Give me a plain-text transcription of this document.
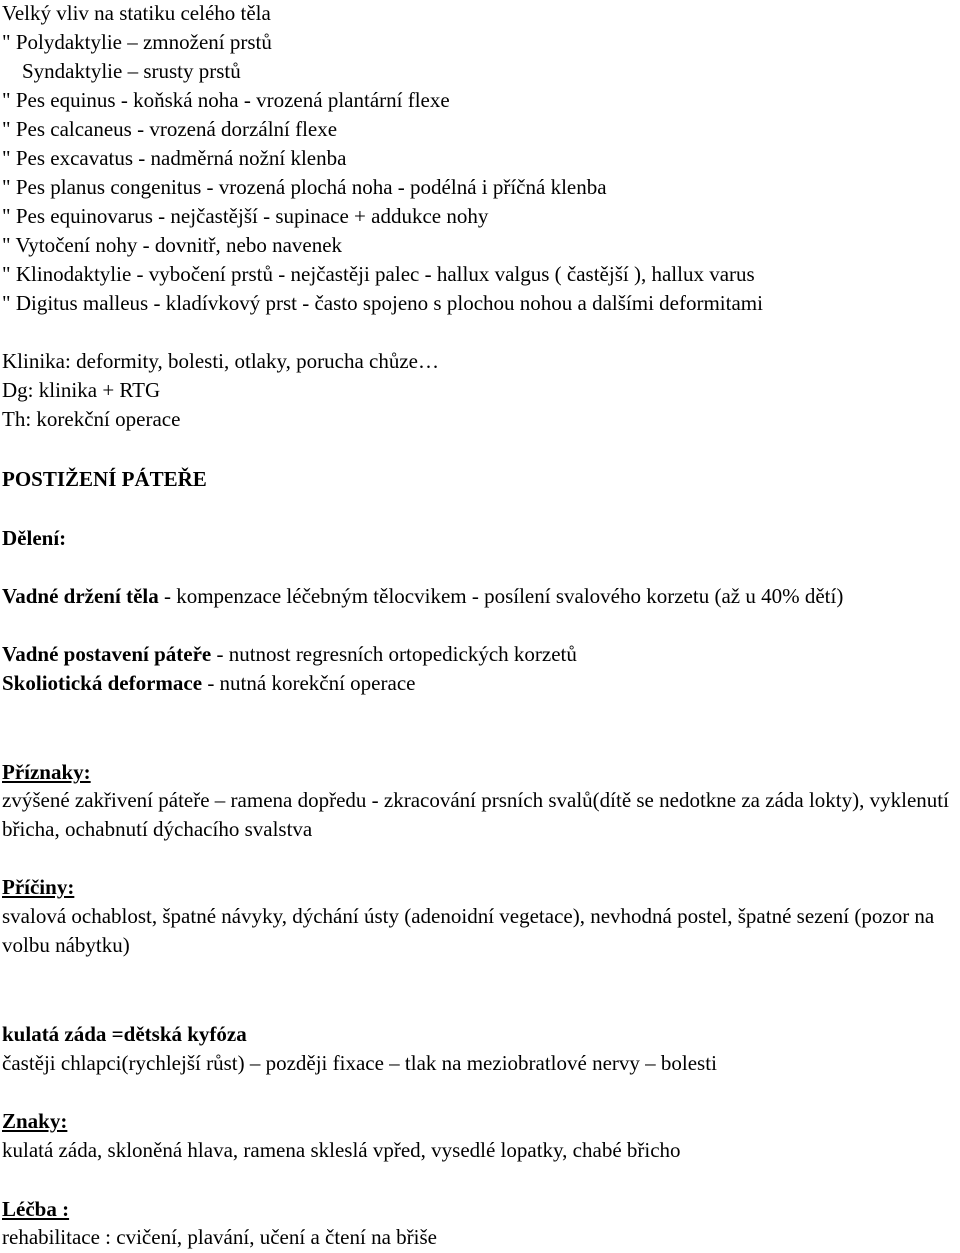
Velký vliv na statiku celého těla
" Polydaktylie – zmnožení prstů
Syndaktylie – srusty prstů
" Pes equinus - koňská noha - vrozená plantární flexe
" Pes calcaneus - vrozená dorzální flexe
" Pes excavatus - nadměrná nožní klenba
" Pes planus congenitus - vrozená plochá noha - podélná i příčná klenba
" Pes equinovarus - nejčastější - supinace + addukce nohy
" Vytočení nohy - dovnitř, nebo navenek
" Klinodaktylie - vybočení prstů - nejčastěji palec - hallux valgus ( častější ), hallux varus
" Digitus malleus - kladívkový prst - často spojeno s plochou nohou a dalšími deformitami
Klinika: deformity, bolesti, otlaky, porucha chůze…
Dg: klinika + RTG
Th: korekční operace
POSTIŽENÍ PÁTEŘE
Dělení:
Vadné držení těla - kompenzace léčebným tělocvikem - posílení svalového korzetu (až u 40% dětí)
Vadné postavení páteře - nutnost regresních ortopedických korzetů
Skoliotická deformace - nutná korekční operace
Příznaky:
zvýšené zakřivení páteře – ramena dopředu - zkracování prsních svalů(dítě se nedotkne za záda lokty), vyklenutí břicha, ochabnutí dýchacího svalstva
Příčiny:
svalová ochablost, špatné návyky, dýchání ústy (adenoidní vegetace), nevhodná postel, špatné sezení (pozor na volbu nábytku)
kulatá záda =dětská kyfóza
častěji chlapci(rychlejší růst) – později fixace – tlak na meziobratlové nervy – bolesti
Znaky:
kulatá záda, skloněná hlava, ramena skleslá vpřed, vysedlé lopatky, chabé břicho
Léčba :
rehabilitace : cvičení, plavání, učení a čtení na břiše
